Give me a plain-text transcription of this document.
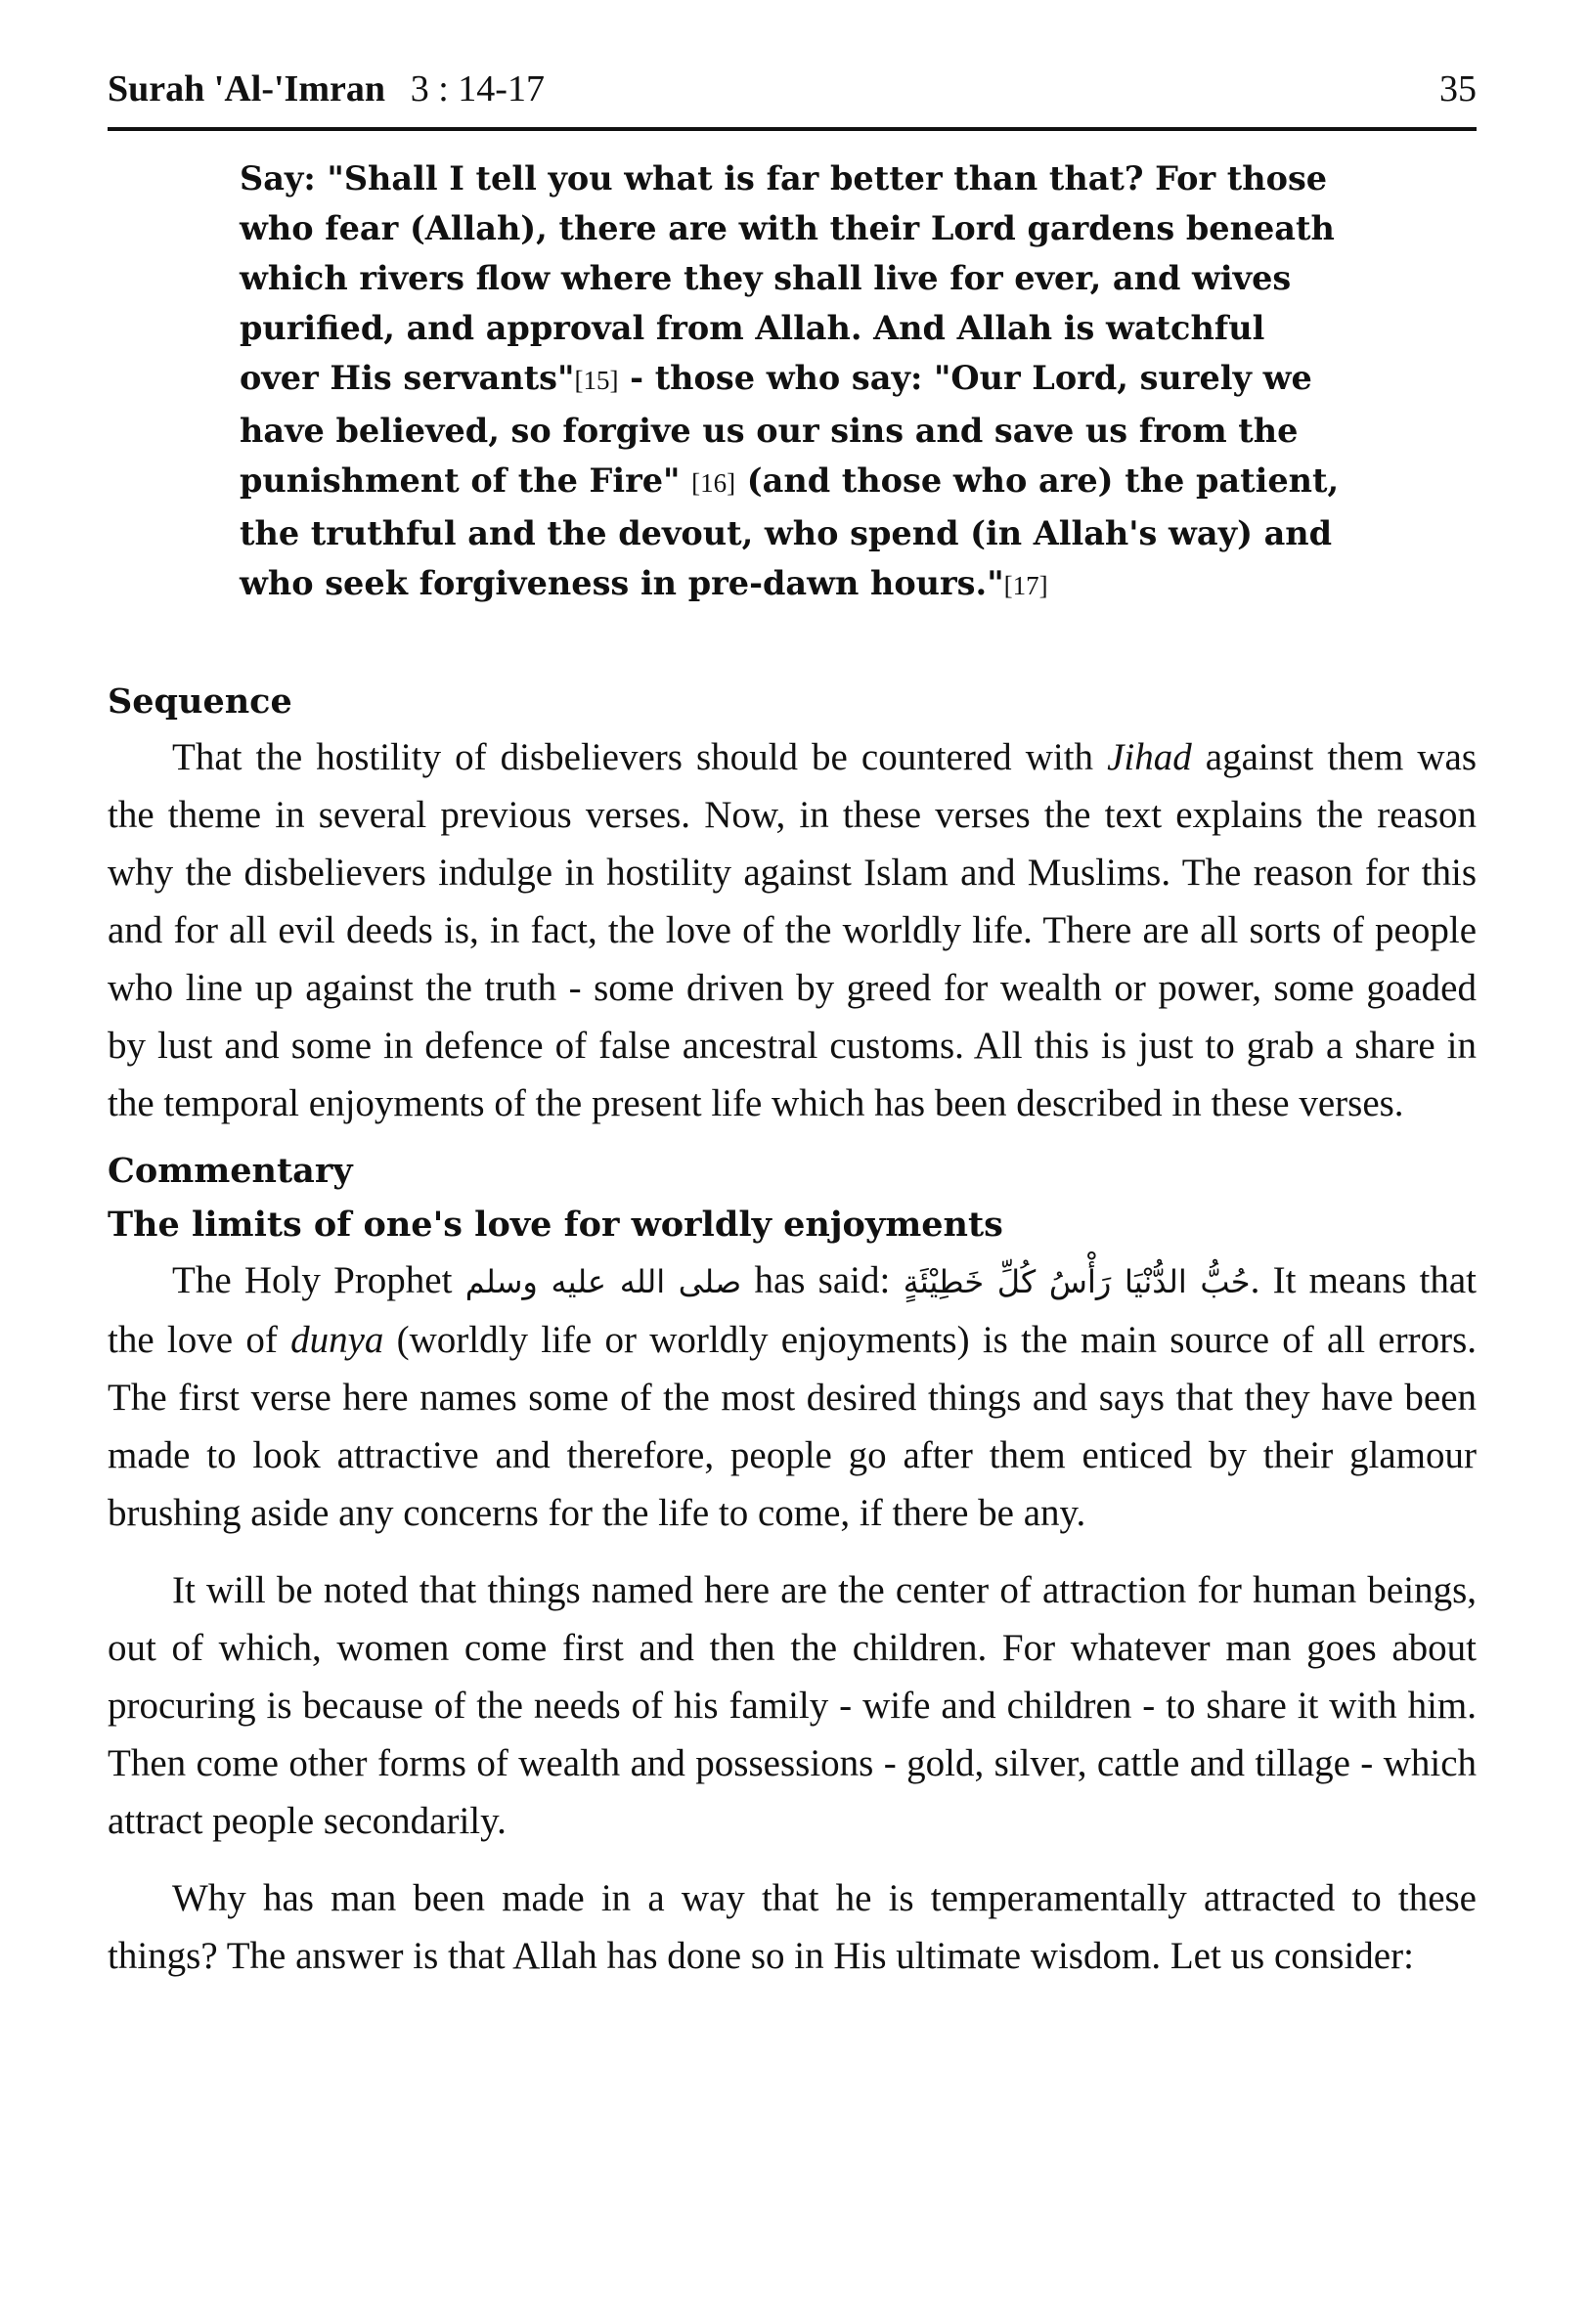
Surah 'Al-'Imran 3 : 14-17	35
Say: "Shall I tell you what is far better than that? For those who fear (Allah), there are with their Lord gardens beneath which rivers flow where they shall live for ever, and wives purified, and approval from Allah. And Allah is watchful over His servants"[15] - those who say: "Our Lord, surely we have believed, so forgive us our sins and save us from the punishment of the Fire" [16] (and those who are) the patient, the truthful and the devout, who spend (in Allah's way) and who seek forgiveness in pre-dawn hours."[17]
Sequence

That the hostility of disbelievers should be countered with Jihad against them was the theme in several previous verses. Now, in these verses the text explains the reason why the disbelievers indulge in hostility against Islam and Muslims. The reason for this and for all evil deeds is, in fact, the love of the worldly life. There are all sorts of people who line up against the truth - some driven by greed for wealth or power, some goaded by lust and some in defence of false ancestral customs. All this is just to grab a share in the temporal enjoyments of the present life which has been described in these verses.

Commentary
The limits of one's love for worldly enjoyments

The Holy Prophet صلى الله عليه وسلم has said: حُبُّ الدُّنْيَا رَأْسُ كُلِّ خَطِيْئَةٍ. It means that the love of dunya (worldly life or worldly enjoyments) is the main source of all errors. The first verse here names some of the most desired things and says that they have been made to look attractive and therefore, people go after them enticed by their glamour brushing aside any concerns for the life to come, if there be any.

It will be noted that things named here are the center of attraction for human beings, out of which, women come first and then the children. For whatever man goes about procuring is because of the needs of his family - wife and children - to share it with him. Then come other forms of wealth and possessions - gold, silver, cattle and tillage - which attract people secondarily.

Why has man been made in a way that he is temperamentally attracted to these things? The answer is that Allah has done so in His ultimate wisdom. Let us consider:
